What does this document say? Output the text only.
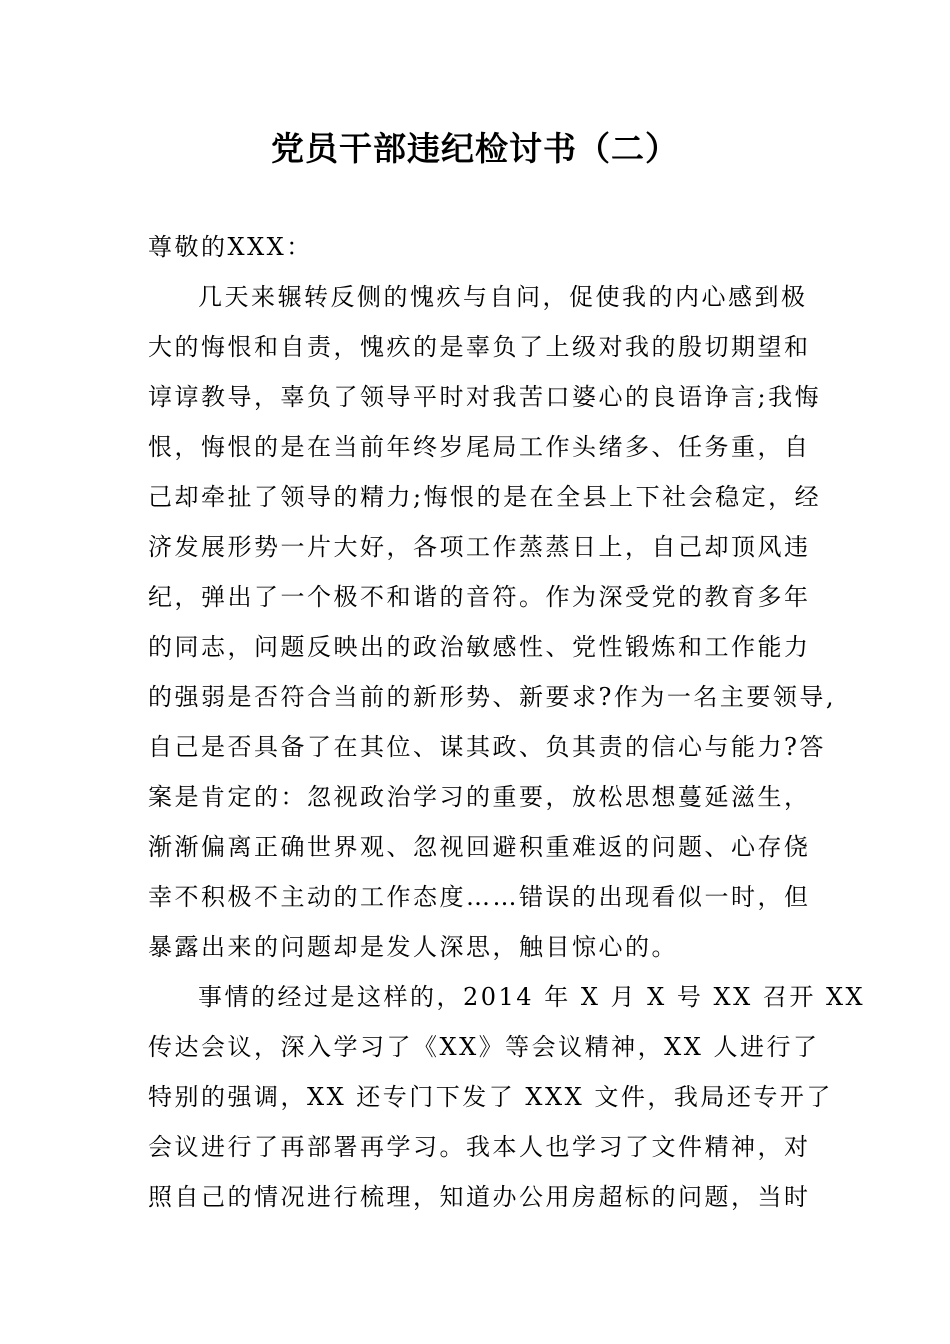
党员干部违纪检讨书（二）
尊敬的XXX：
几天来辗转反侧的愧疚与自问，促使我的内心感到极
大的悔恨和自责，愧疚的是辜负了上级对我的殷切期望和
谆谆教导，辜负了领导平时对我苦口婆心的良语诤言;我悔
恨，悔恨的是在当前年终岁尾局工作头绪多、任务重，自
己却牵扯了领导的精力;悔恨的是在全县上下社会稳定，经
济发展形势一片大好，各项工作蒸蒸日上，自己却顶风违
纪，弹出了一个极不和谐的音符。作为深受党的教育多年
的同志，问题反映出的政治敏感性、党性锻炼和工作能力
的强弱是否符合当前的新形势、新要求?作为一名主要领导,
自己是否具备了在其位、谋其政、负其责的信心与能力?答
案是肯定的：忽视政治学习的重要，放松思想蔓延滋生，
渐渐偏离正确世界观、忽视回避积重难返的问题、心存侥
幸不积极不主动的工作态度……错误的出现看似一时，但
暴露出来的问题却是发人深思，触目惊心的。
事情的经过是这样的，2014 年 X 月 X 号 XX 召开 XX
传达会议，深入学习了《XX》等会议精神，XX 人进行了
特别的强调，XX 还专门下发了 XXX 文件，我局还专开了
会议进行了再部署再学习。我本人也学习了文件精神，对
照自己的情况进行梳理，知道办公用房超标的问题，当时
